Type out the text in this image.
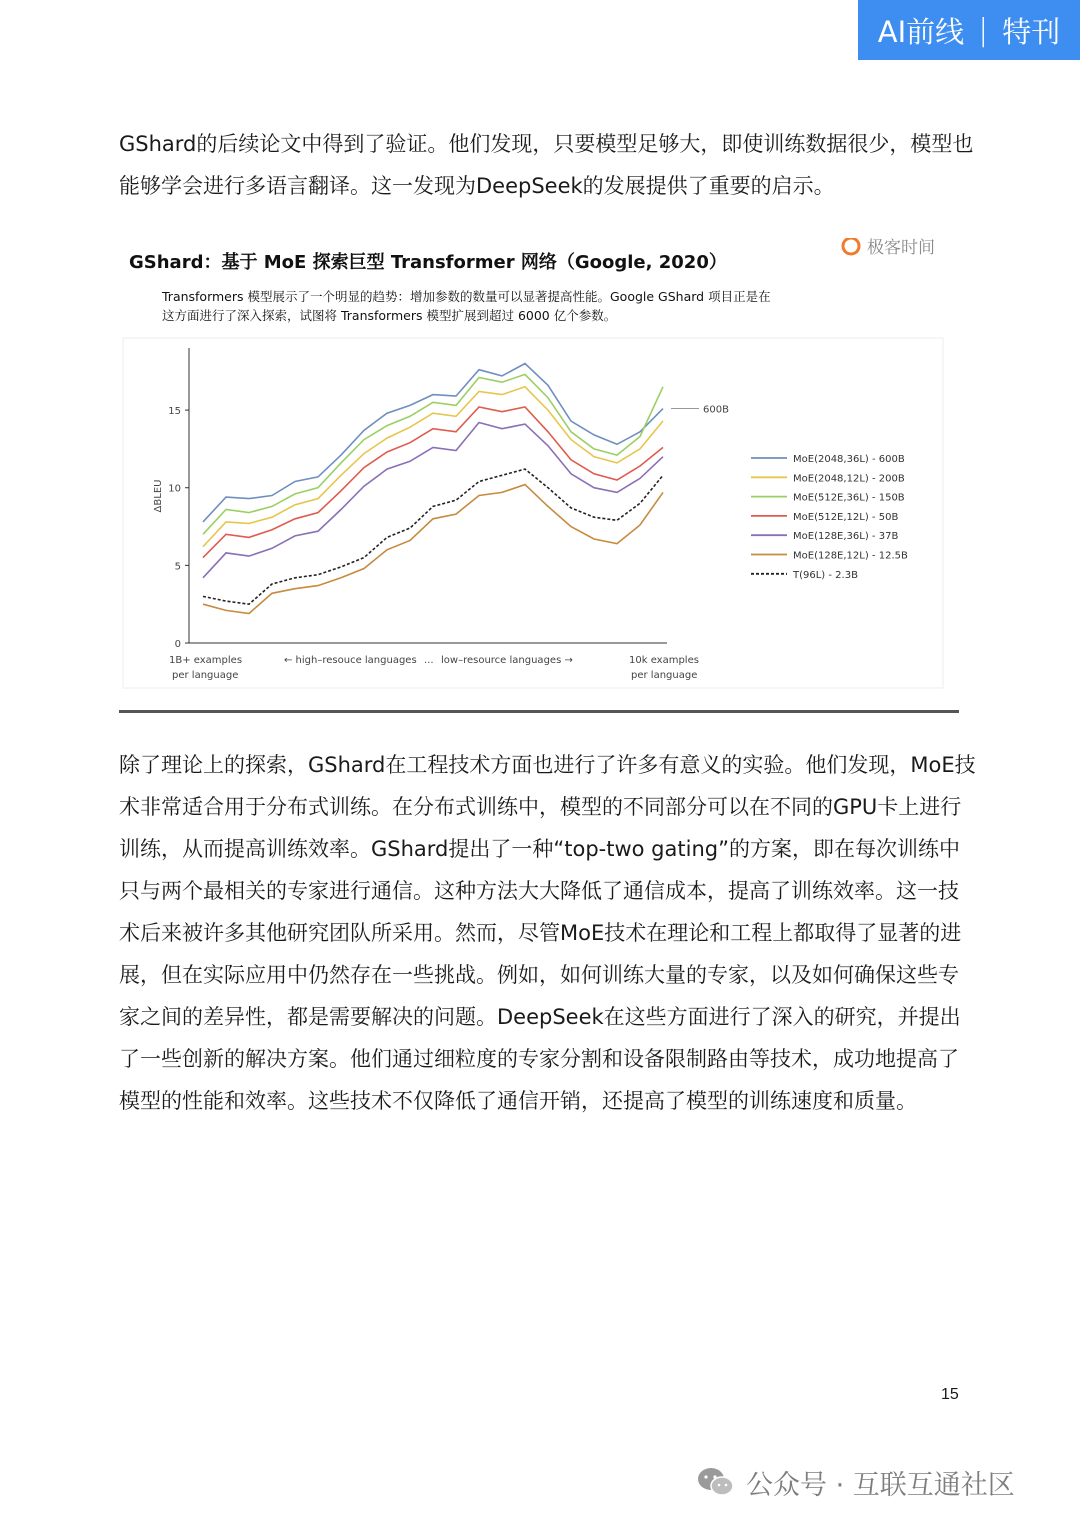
AI前线 | 特刊

GShard的后续论文中得到了验证。他们发现，只要模型足够大，即使训练数据很少，模型也能够学会进行多语言翻译。这一发现为DeepSeek的发展提供了重要的启示。

GShard：基于 MoE 探索巨型 Transformer 网络（Google, 2020）
极客时间
Transformers 模型展示了一个明显的趋势：增加参数的数量可以显著提高性能。Google GShard 项目正是在
这方面进行了深入探索，试图将 Transformers 模型扩展到超过 6000 亿个参数。
0
5
10
15
ΔBLEU
1B+ examples
per language
← high–resouce languages ... low–resource languages →	10k examples
per language
600B
MoE(2048,36L) - 600B
MoE(2048,12L) - 200B
MoE(512E,36L) - 150B
MoE(512E,12L) - 50B
MoE(128E,36L) - 37B
MoE(128E,12L) - 12.5B
T(96L) - 2.3B

除了理论上的探索，GShard在工程技术方面也进行了许多有意义的实验。他们发现，MoE技术非常适合用于分布式训练。在分布式训练中，模型的不同部分可以在不同的GPU卡上进行训练，从而提高训练效率。GShard提出了一种“top-two gating”的方案，即在每次训练中只与两个最相关的专家进行通信。这种方法大大降低了通信成本，提高了训练效率。这一技术后来被许多其他研究团队所采用。然而，尽管MoE技术在理论和工程上都取得了显著的进展，但在实际应用中仍然存在一些挑战。例如，如何训练大量的专家，以及如何确保这些专家之间的差异性，都是需要解决的问题。DeepSeek在这些方面进行了深入的研究，并提出了一些创新的解决方案。他们通过细粒度的专家分割和设备限制路由等技术，成功地提高了模型的性能和效率。这些技术不仅降低了通信开销，还提高了模型的训练速度和质量。

15
公众号 · 互联互通社区
